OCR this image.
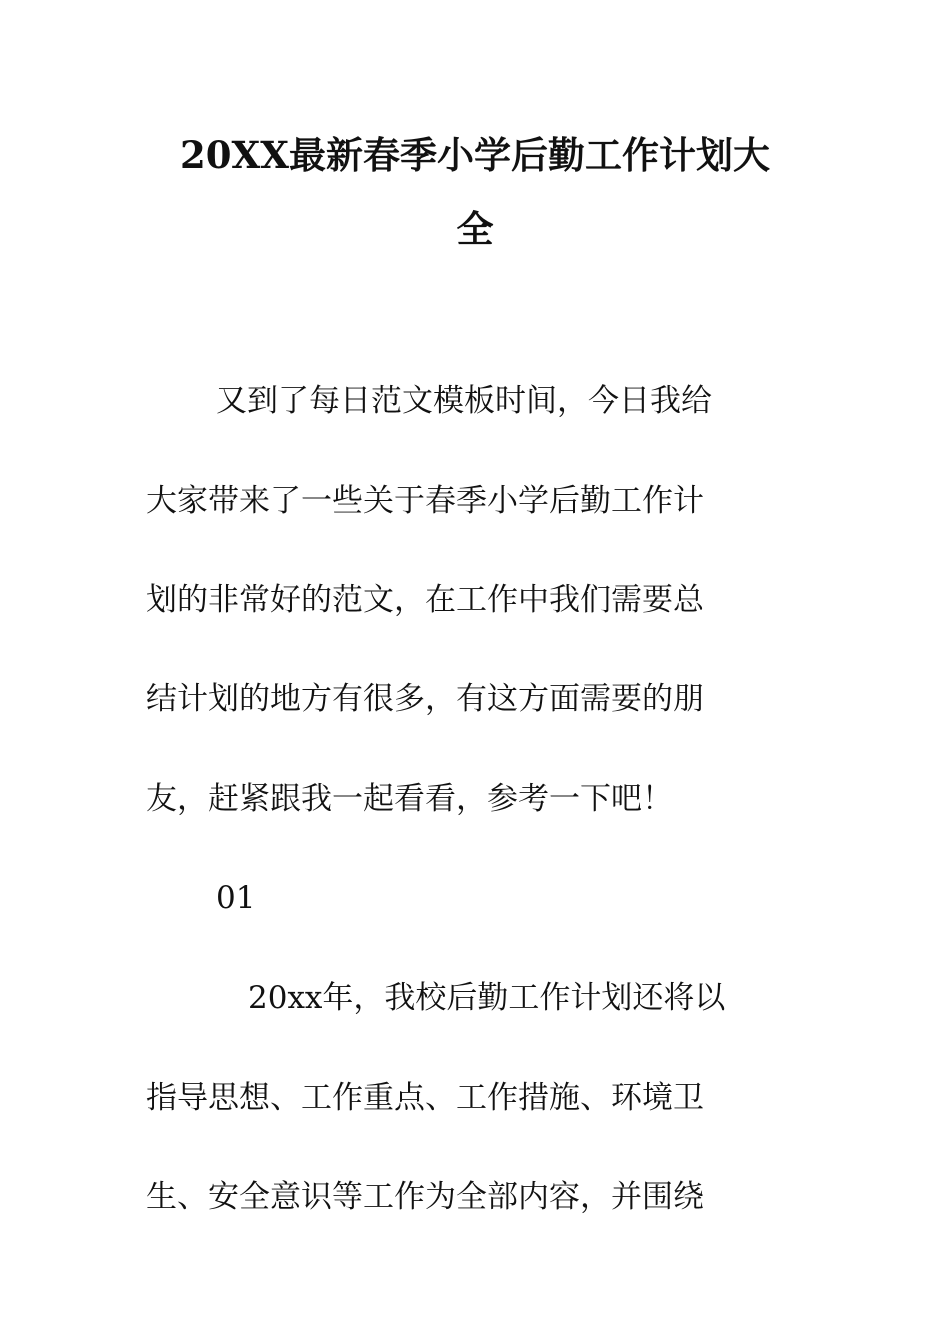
20XX最新春季小学后勤工作计划大
全
又到了每日范文模板时间，今日我给
大家带来了一些关于春季小学后勤工作计
划的非常好的范文，在工作中我们需要总
结计划的地方有很多，有这方面需要的朋
友，赶紧跟我一起看看，参考一下吧！
01
20xx年，我校后勤工作计划还将以
指导思想、工作重点、工作措施、环境卫
生、安全意识等工作为全部内容，并围绕
